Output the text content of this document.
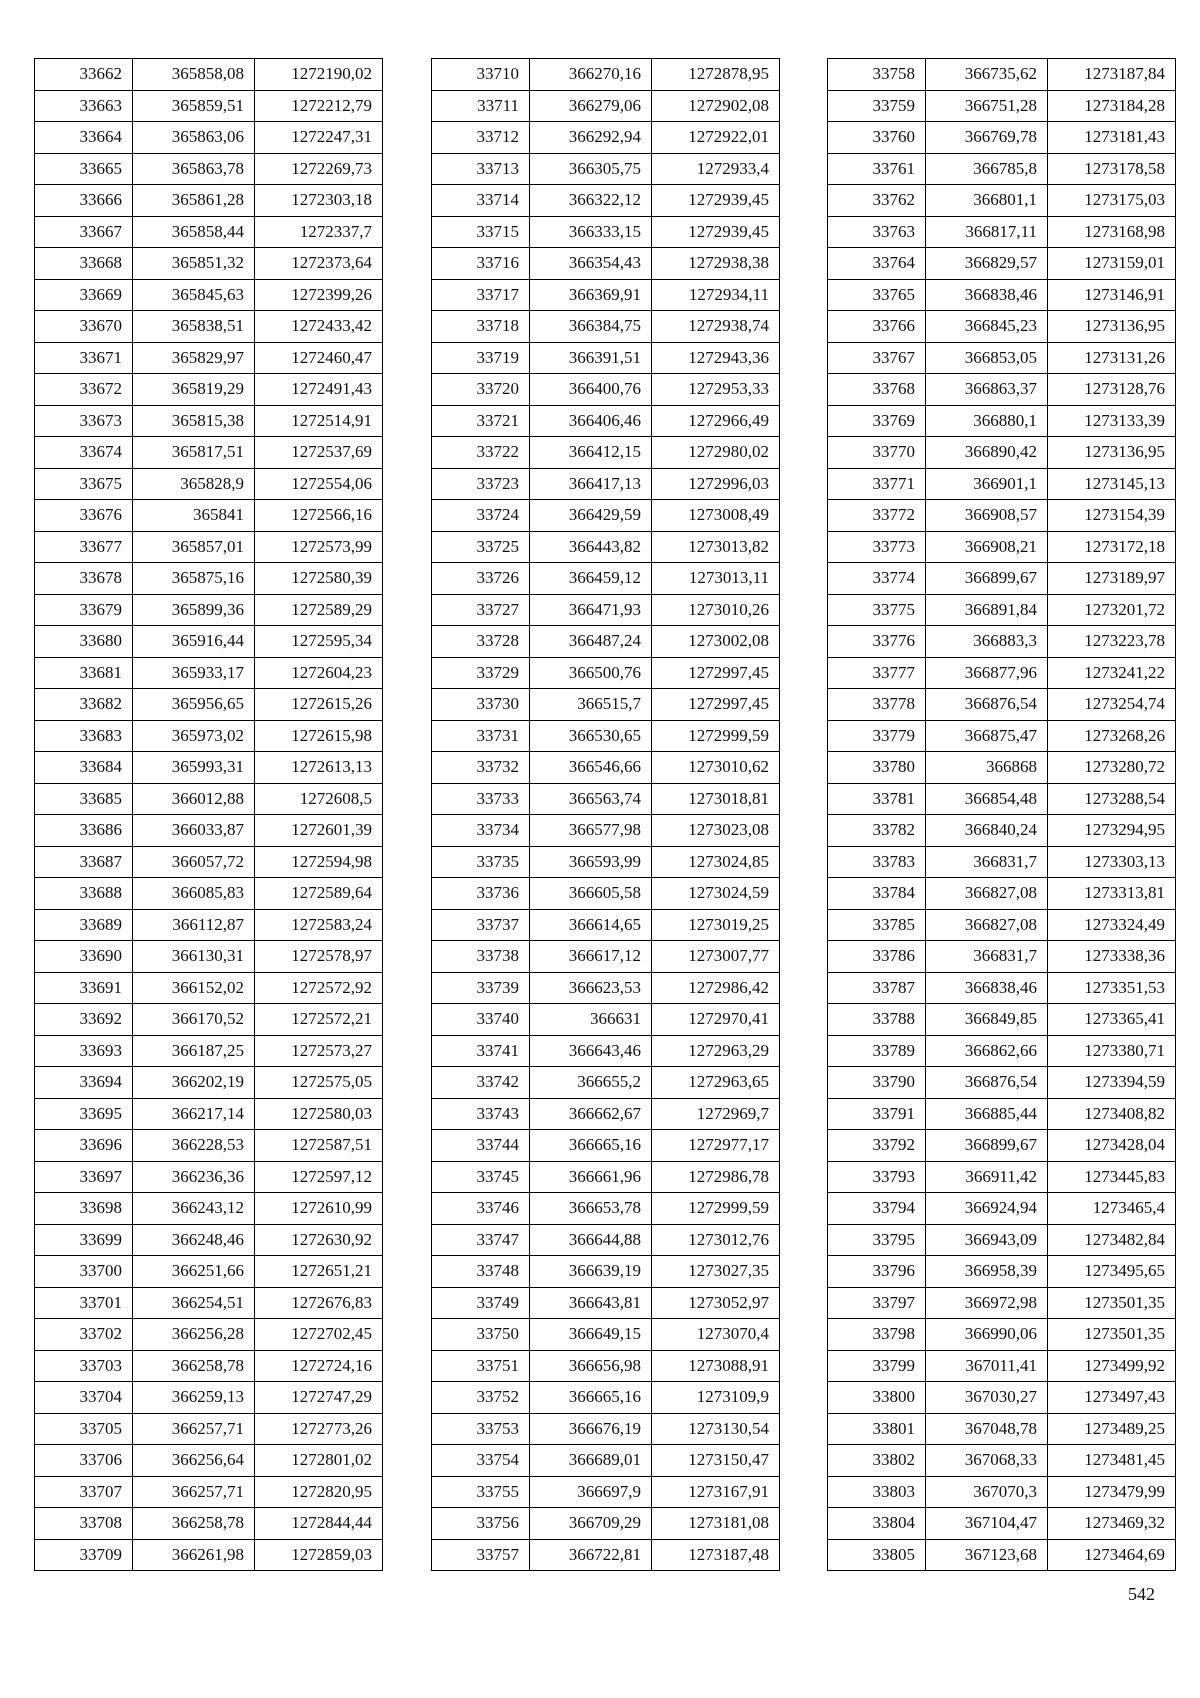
33662	365858,08	1272190,02
33663	365859,51	1272212,79
33664	365863,06	1272247,31
33665	365863,78	1272269,73
33666	365861,28	1272303,18
33667	365858,44	1272337,7
33668	365851,32	1272373,64
33669	365845,63	1272399,26
33670	365838,51	1272433,42
33671	365829,97	1272460,47
33672	365819,29	1272491,43
33673	365815,38	1272514,91
33674	365817,51	1272537,69
33675	365828,9	1272554,06
33676	365841	1272566,16
33677	365857,01	1272573,99
33678	365875,16	1272580,39
33679	365899,36	1272589,29
33680	365916,44	1272595,34
33681	365933,17	1272604,23
33682	365956,65	1272615,26
33683	365973,02	1272615,98
33684	365993,31	1272613,13
33685	366012,88	1272608,5
33686	366033,87	1272601,39
33687	366057,72	1272594,98
33688	366085,83	1272589,64
33689	366112,87	1272583,24
33690	366130,31	1272578,97
33691	366152,02	1272572,92
33692	366170,52	1272572,21
33693	366187,25	1272573,27
33694	366202,19	1272575,05
33695	366217,14	1272580,03
33696	366228,53	1272587,51
33697	366236,36	1272597,12
33698	366243,12	1272610,99
33699	366248,46	1272630,92
33700	366251,66	1272651,21
33701	366254,51	1272676,83
33702	366256,28	1272702,45
33703	366258,78	1272724,16
33704	366259,13	1272747,29
33705	366257,71	1272773,26
33706	366256,64	1272801,02
33707	366257,71	1272820,95
33708	366258,78	1272844,44
33709	366261,98	1272859,03
33710	366270,16	1272878,95
33711	366279,06	1272902,08
33712	366292,94	1272922,01
33713	366305,75	1272933,4
33714	366322,12	1272939,45
33715	366333,15	1272939,45
33716	366354,43	1272938,38
33717	366369,91	1272934,11
33718	366384,75	1272938,74
33719	366391,51	1272943,36
33720	366400,76	1272953,33
33721	366406,46	1272966,49
33722	366412,15	1272980,02
33723	366417,13	1272996,03
33724	366429,59	1273008,49
33725	366443,82	1273013,82
33726	366459,12	1273013,11
33727	366471,93	1273010,26
33728	366487,24	1273002,08
33729	366500,76	1272997,45
33730	366515,7	1272997,45
33731	366530,65	1272999,59
33732	366546,66	1273010,62
33733	366563,74	1273018,81
33734	366577,98	1273023,08
33735	366593,99	1273024,85
33736	366605,58	1273024,59
33737	366614,65	1273019,25
33738	366617,12	1273007,77
33739	366623,53	1272986,42
33740	366631	1272970,41
33741	366643,46	1272963,29
33742	366655,2	1272963,65
33743	366662,67	1272969,7
33744	366665,16	1272977,17
33745	366661,96	1272986,78
33746	366653,78	1272999,59
33747	366644,88	1273012,76
33748	366639,19	1273027,35
33749	366643,81	1273052,97
33750	366649,15	1273070,4
33751	366656,98	1273088,91
33752	366665,16	1273109,9
33753	366676,19	1273130,54
33754	366689,01	1273150,47
33755	366697,9	1273167,91
33756	366709,29	1273181,08
33757	366722,81	1273187,48
33758	366735,62	1273187,84
33759	366751,28	1273184,28
33760	366769,78	1273181,43
33761	366785,8	1273178,58
33762	366801,1	1273175,03
33763	366817,11	1273168,98
33764	366829,57	1273159,01
33765	366838,46	1273146,91
33766	366845,23	1273136,95
33767	366853,05	1273131,26
33768	366863,37	1273128,76
33769	366880,1	1273133,39
33770	366890,42	1273136,95
33771	366901,1	1273145,13
33772	366908,57	1273154,39
33773	366908,21	1273172,18
33774	366899,67	1273189,97
33775	366891,84	1273201,72
33776	366883,3	1273223,78
33777	366877,96	1273241,22
33778	366876,54	1273254,74
33779	366875,47	1273268,26
33780	366868	1273280,72
33781	366854,48	1273288,54
33782	366840,24	1273294,95
33783	366831,7	1273303,13
33784	366827,08	1273313,81
33785	366827,08	1273324,49
33786	366831,7	1273338,36
33787	366838,46	1273351,53
33788	366849,85	1273365,41
33789	366862,66	1273380,71
33790	366876,54	1273394,59
33791	366885,44	1273408,82
33792	366899,67	1273428,04
33793	366911,42	1273445,83
33794	366924,94	1273465,4
33795	366943,09	1273482,84
33796	366958,39	1273495,65
33797	366972,98	1273501,35
33798	366990,06	1273501,35
33799	367011,41	1273499,92
33800	367030,27	1273497,43
33801	367048,78	1273489,25
33802	367068,33	1273481,45
33803	367070,3	1273479,99
33804	367104,47	1273469,32
33805	367123,68	1273464,69
542
